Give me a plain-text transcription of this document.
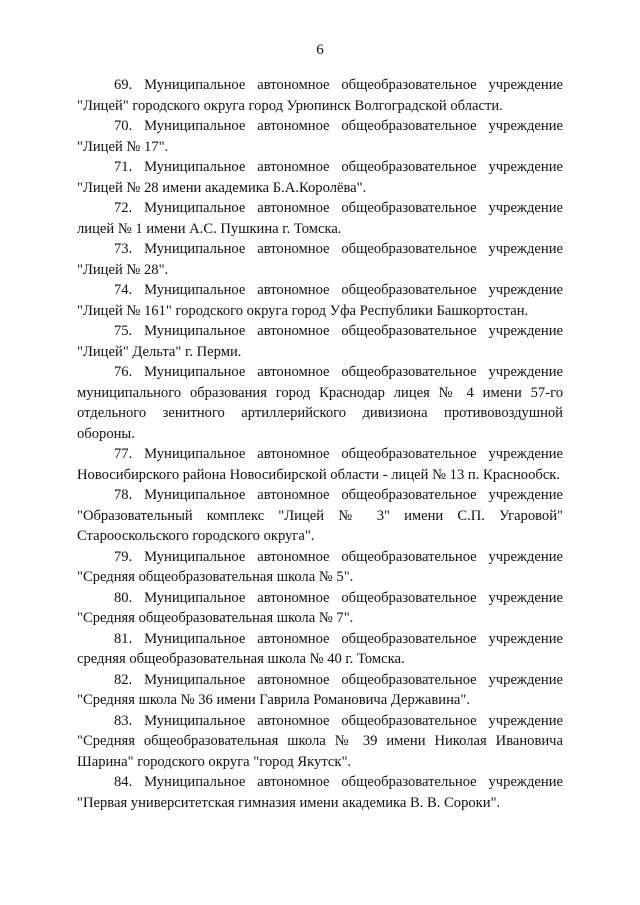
6

69. Муниципальное автономное общеобразовательное учреждение
"Лицей" городского округа город Урюпинск Волгоградской области.

70. Муниципальное автономное общеобразовательное учреждение
"Лицей № 17".

71. Муниципальное автономное общеобразовательное учреждение
"Лицей № 28 имени академика Б.А.Королёва".

72. Муниципальное автономное общеобразовательное учреждение
лицей № 1 имени А.С. Пушкина г. Томска.

73. Муниципальное автономное общеобразовательное учреждение
"Лицей № 28".

74. Муниципальное автономное общеобразовательное учреждение
"Лицей № 161" городского округа город Уфа Республики Башкортостан.

75. Муниципальное автономное общеобразовательное учреждение
"Лицей" Дельта" г. Перми.

76. Муниципальное автономное общеобразовательное учреждение
муниципального образования город Краснодар лицея № 4 имени 57-го отдельного зенитного артиллерийского дивизиона противовоздушной обороны.

77. Муниципальное автономное общеобразовательное учреждение
Новосибирского района Новосибирской области - лицей № 13 п. Краснообск.

78. Муниципальное автономное общеобразовательное учреждение
"Образовательный комплекс "Лицей № 3" имени С.П. Угаровой" Старооскольского городского округа".

79. Муниципальное автономное общеобразовательное учреждение
"Средняя общеобразовательная школа № 5".

80. Муниципальное автономное общеобразовательное учреждение
"Средняя общеобразовательная школа № 7".

81. Муниципальное автономное общеобразовательное учреждение
средняя общеобразовательная школа № 40 г. Томска.

82. Муниципальное автономное общеобразовательное учреждение
"Средняя школа № 36 имени Гаврила Романовича Державина".

83. Муниципальное автономное общеобразовательное учреждение
"Средняя общеобразовательная школа № 39 имени Николая Ивановича Шарина" городского округа "город Якутск".

84. Муниципальное автономное общеобразовательное учреждение
"Первая университетская гимназия имени академика В. В. Сороки".
